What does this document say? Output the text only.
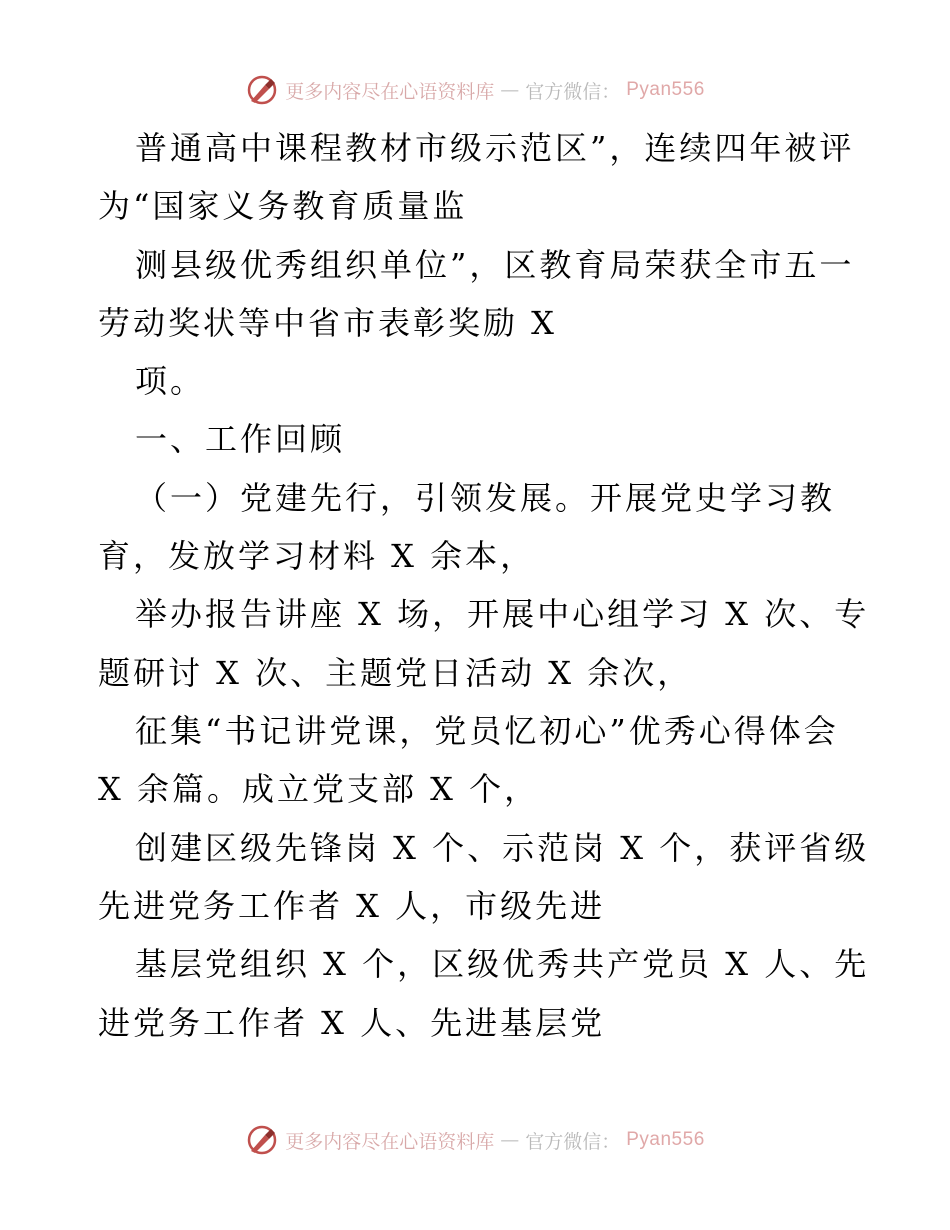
更多内容尽在心语资料库 — 官方微信： Pyan556
普通高中课程教材市级示范区”，连续四年被评
为“国家义务教育质量监
测县级优秀组织单位”，区教育局荣获全市五一
劳动奖状等中省市表彰奖励 X
项。
一、工作回顾
（一）党建先行，引领发展。开展党史学习教
育，发放学习材料 X 余本，
举办报告讲座 X 场，开展中心组学习 X 次、专
题研讨 X 次、主题党日活动 X 余次，
征集“书记讲党课，党员忆初心”优秀心得体会
X 余篇。成立党支部 X 个，
创建区级先锋岗 X 个、示范岗 X 个，获评省级
先进党务工作者 X 人，市级先进
基层党组织 X 个，区级优秀共产党员 X 人、先
进党务工作者 X 人、先进基层党
更多内容尽在心语资料库 — 官方微信： Pyan556
